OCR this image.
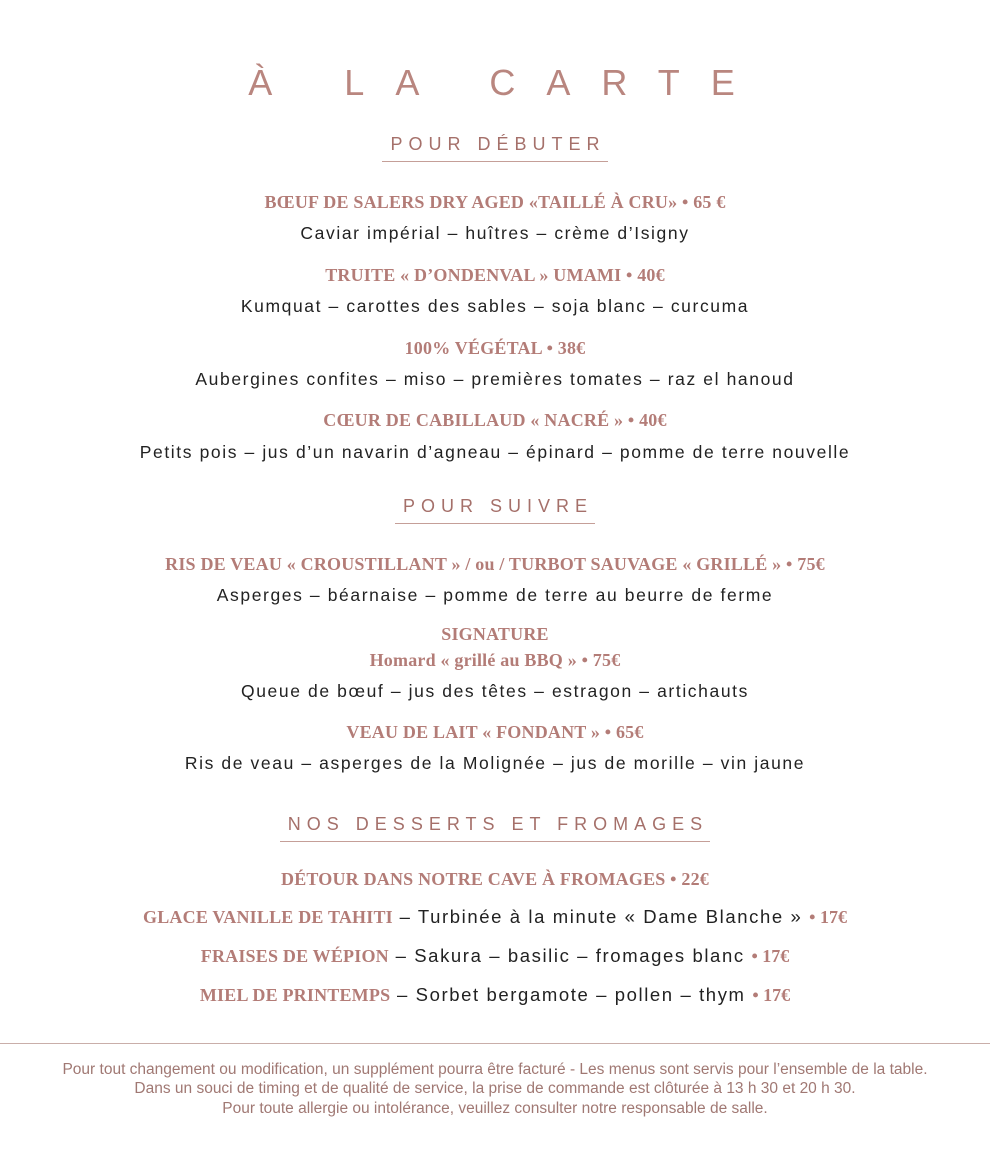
À LA CARTE
POUR DÉBUTER
BŒUF DE SALERS DRY AGED «TAILLÉ À CRU» • 65 €
Caviar impérial – huîtres – crème d’Isigny
TRUITE « D’ONDENVAL » UMAMI • 40€
Kumquat – carottes des sables – soja blanc – curcuma
100% VÉGÉTAL • 38€
Aubergines confites – miso – premières tomates – raz el hanoud
CŒUR DE CABILLAUD « NACRÉ » • 40€
Petits pois – jus d’un navarin d’agneau – épinard – pomme de terre nouvelle
POUR SUIVRE
RIS DE VEAU « CROUSTILLANT » / ou / TURBOT SAUVAGE « GRILLÉ » • 75€
Asperges – béarnaise – pomme de terre au beurre de ferme
SIGNATURE
Homard « grillé au BBQ » • 75€
Queue de bœuf – jus des têtes – estragon – artichauts
VEAU DE LAIT « FONDANT » • 65€
Ris de veau – asperges de la Molignée – jus de morille – vin jaune
NOS DESSERTS ET FROMAGES
DÉTOUR DANS NOTRE CAVE À FROMAGES • 22€
GLACE VANILLE DE TAHITI – Turbinée à la minute « Dame Blanche » • 17€
FRAISES DE WÉPION – Sakura – basilic – fromages blanc • 17€
MIEL DE PRINTEMPS – Sorbet bergamote – pollen – thym • 17€
Pour tout changement ou modification, un supplément pourra être facturé - Les menus sont servis pour l’ensemble de la table.
Dans un souci de timing et de qualité de service, la prise de commande est clôturée à 13 h 30 et 20 h 30.
Pour toute allergie ou intolérance, veuillez consulter notre responsable de salle.
